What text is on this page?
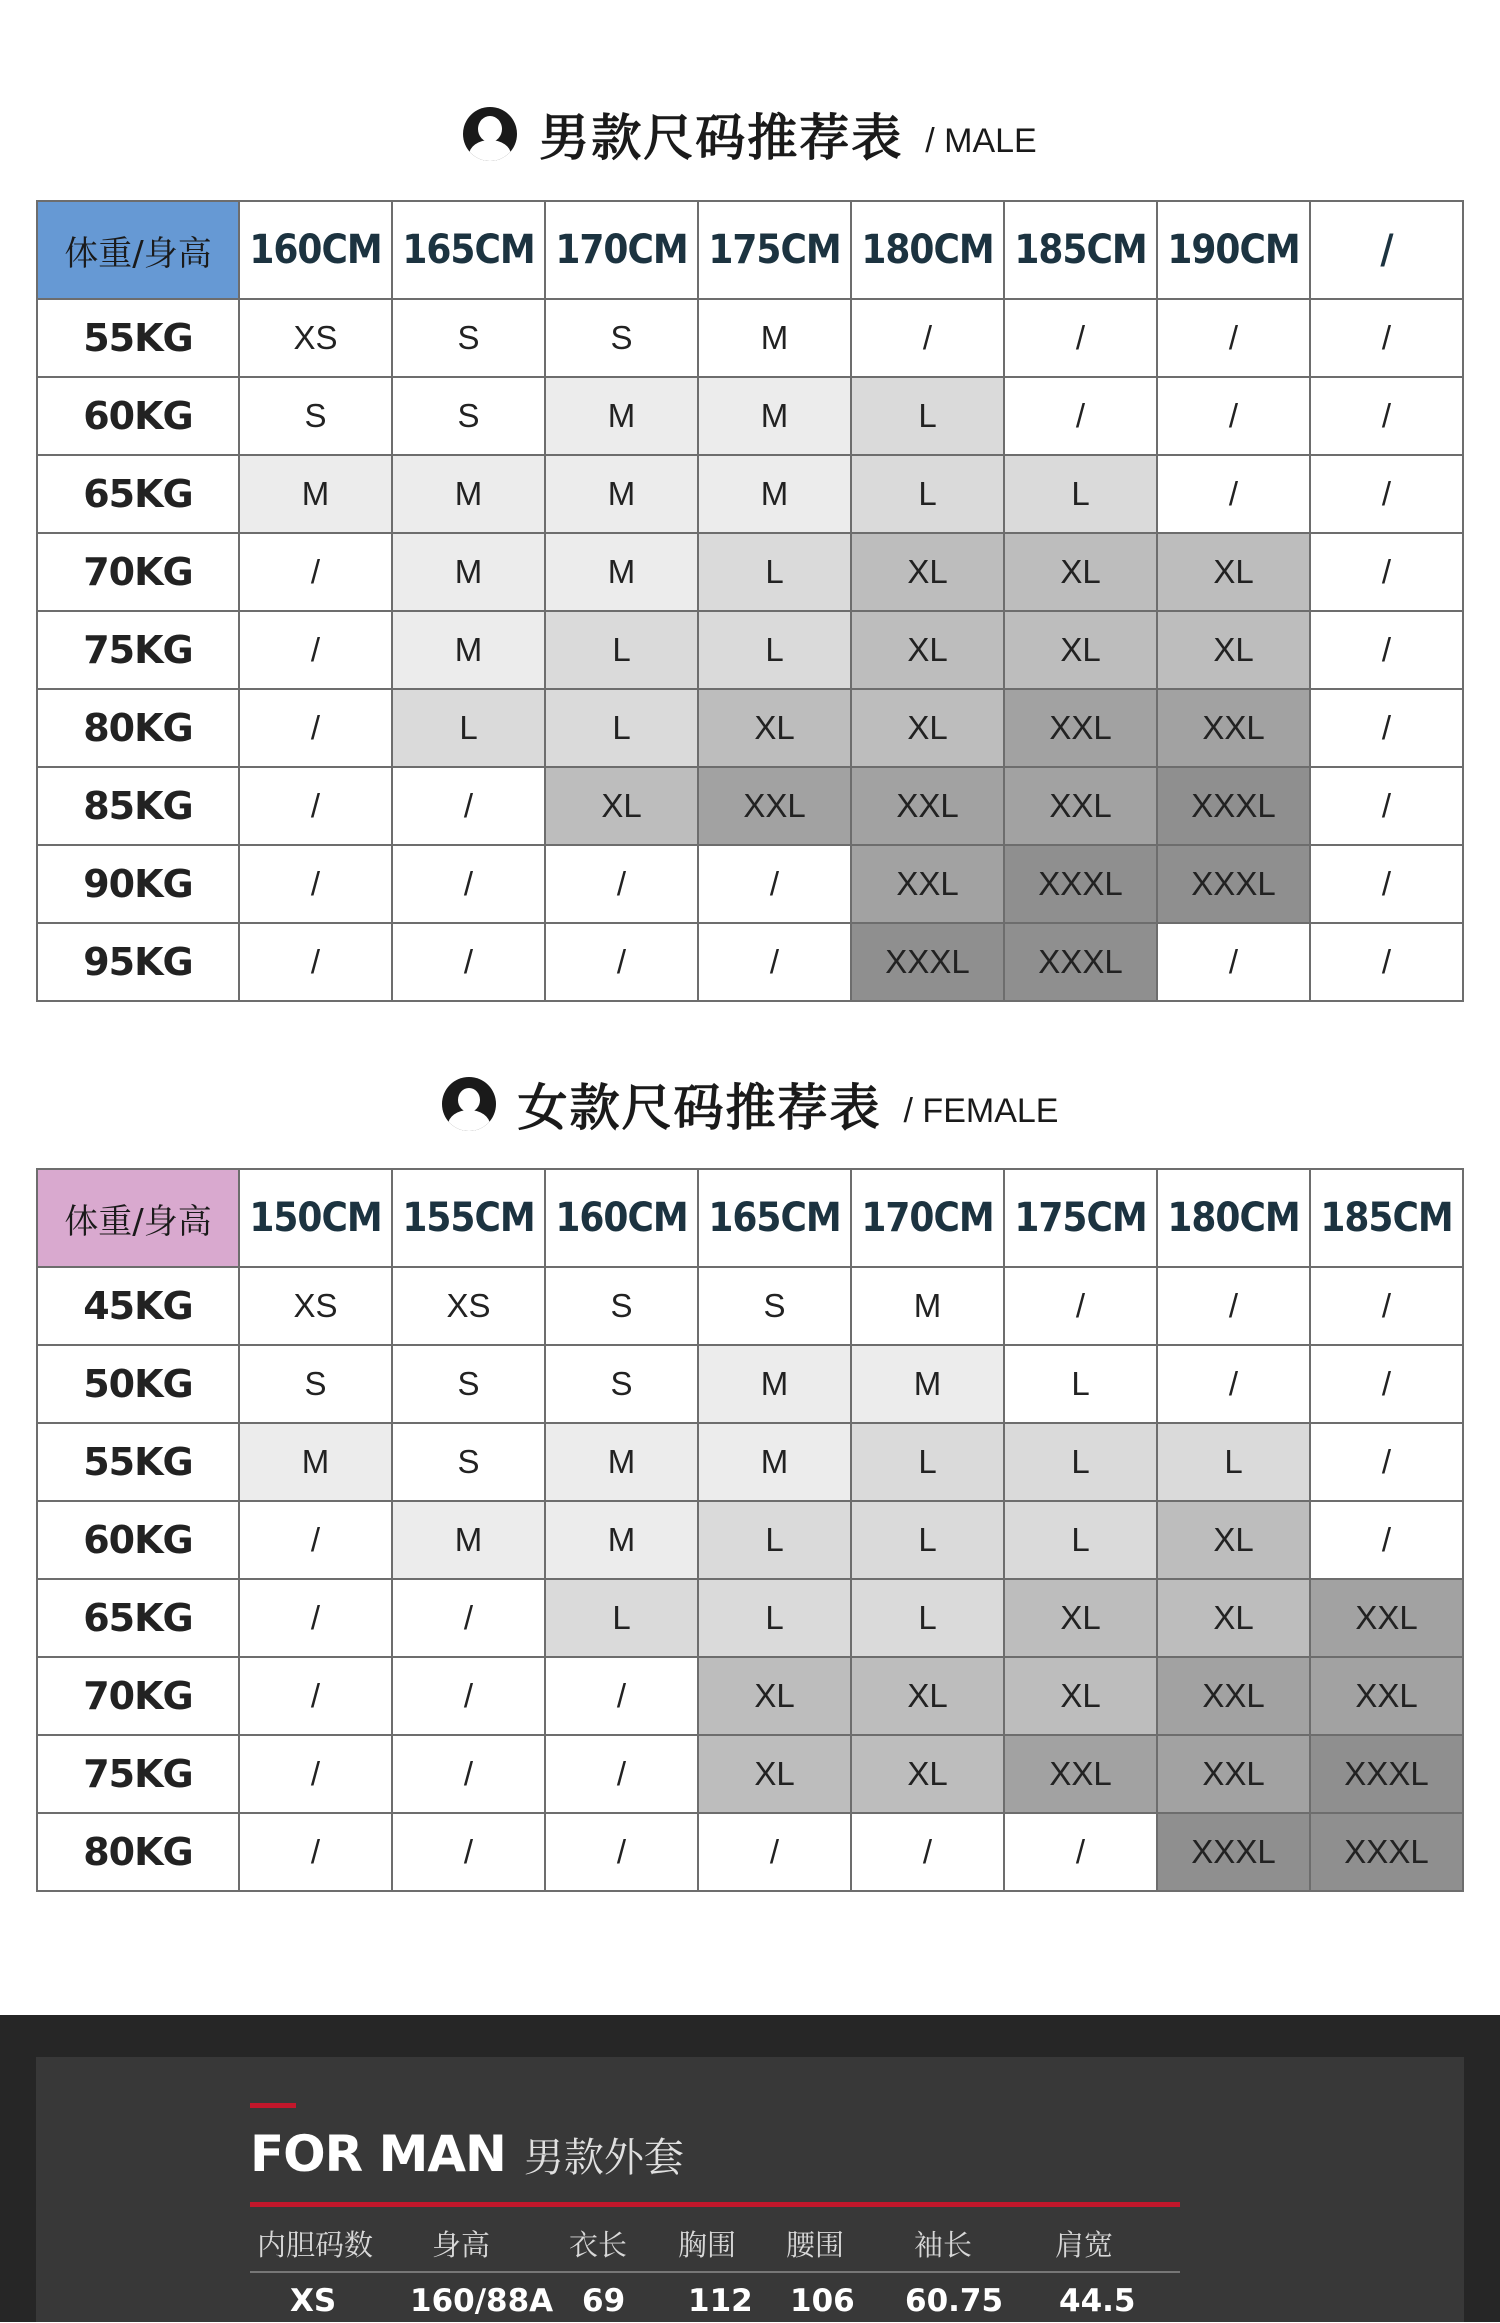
男款尺码推荐表 / MALE
体重/身高	160CM	165CM	170CM	175CM	180CM	185CM	190CM	/
55KG	XS	S	S	M	/	/	/	/
60KG	S	S	M	M	L	/	/	/
65KG	M	M	M	M	L	L	/	/
70KG	/	M	M	L	XL	XL	XL	/
75KG	/	M	L	L	XL	XL	XL	/
80KG	/	L	L	XL	XL	XXL	XXL	/
85KG	/	/	XL	XXL	XXL	XXL	XXXL	/
90KG	/	/	/	/	XXL	XXXL	XXXL	/
95KG	/	/	/	/	XXXL	XXXL	/	/
女款尺码推荐表 / FEMALE
体重/身高	150CM	155CM	160CM	165CM	170CM	175CM	180CM	185CM
45KG	XS	XS	S	S	M	/	/	/
50KG	S	S	S	M	M	L	/	/
55KG	M	S	M	M	L	L	L	/
60KG	/	M	M	L	L	L	XL	/
65KG	/	/	L	L	L	XL	XL	XXL
70KG	/	/	/	XL	XL	XL	XXL	XXL
75KG	/	/	/	XL	XL	XXL	XXL	XXXL
80KG	/	/	/	/	/	/	XXXL	XXXL
FOR MAN 男款外套
内胆码数 身高	衣长 胸围 腰围 袖长	肩宽
XS 160/88A 69 112 106 60.75 44.5
